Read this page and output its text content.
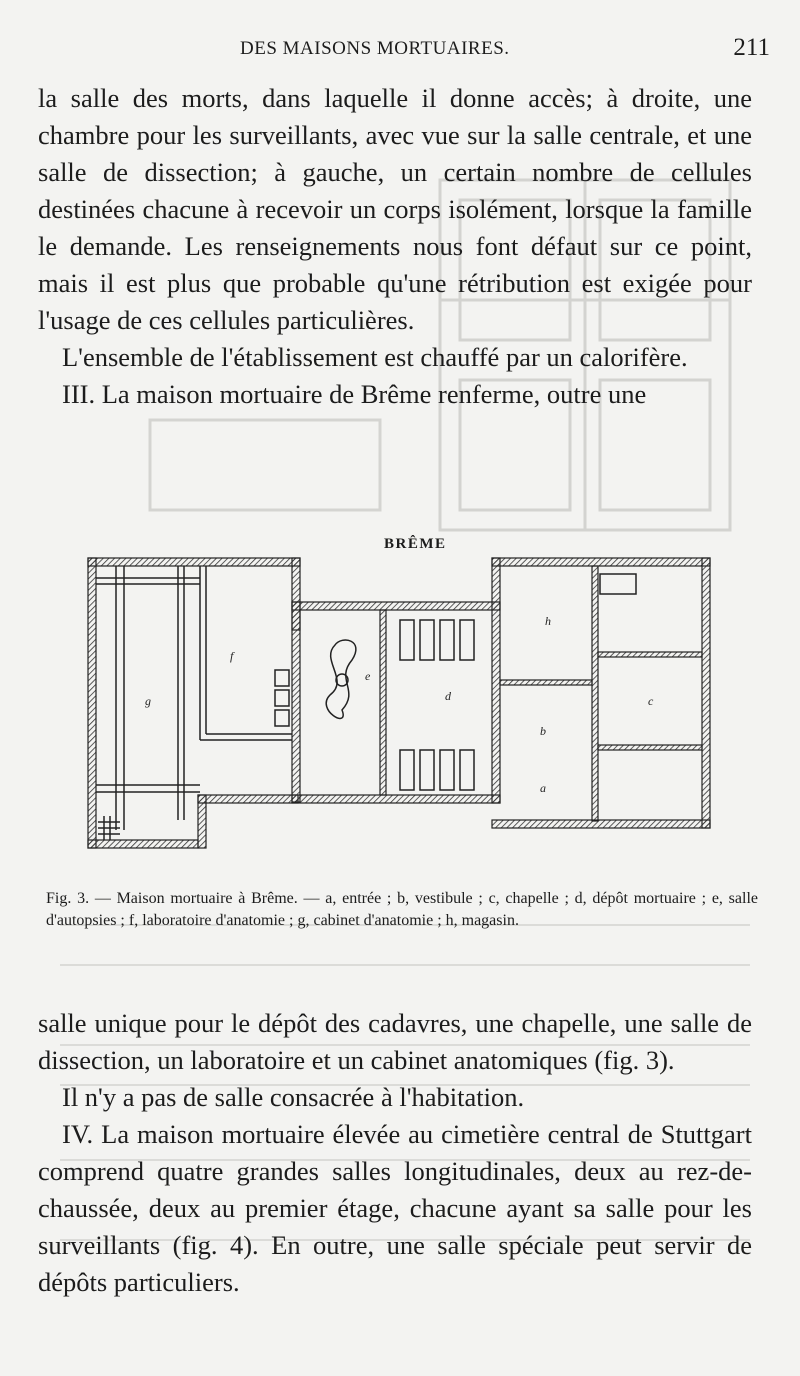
DES MAISONS MORTUAIRES.	211

la salle des morts, dans laquelle il donne accès; à droite, une chambre pour les surveillants, avec vue sur la salle centrale, et une salle de dissection; à gauche, un certain nombre de cellules destinées chacune à recevoir un corps isolément, lorsque la famille le demande. Les renseignements nous font défaut sur ce point, mais il est plus que probable qu'une rétribution est exigée pour l'usage de ces cellules particulières.

L'ensemble de l'établissement est chauffé par un calorifère.

III. La maison mortuaire de Brême renferme, outre une

BRÊME
f
g
e
d
h
b
a
c
Fig. 3. — Maison mortuaire à Brême. — a, entrée ; b, vestibule ; c, chapelle ; d, dépôt mortuaire ; e, salle d'autopsies ; f, laboratoire d'anatomie ; g, cabinet d'anatomie ; h, magasin.

salle unique pour le dépôt des cadavres, une chapelle, une salle de dissection, un laboratoire et un cabinet anatomiques (fig. 3).

Il n'y a pas de salle consacrée à l'habitation.

IV. La maison mortuaire élevée au cimetière central de Stuttgart comprend quatre grandes salles longitudinales, deux au rez-de-chaussée, deux au premier étage, chacune ayant sa salle pour les surveillants (fig. 4). En outre, une salle spéciale peut servir de dépôts particuliers.
